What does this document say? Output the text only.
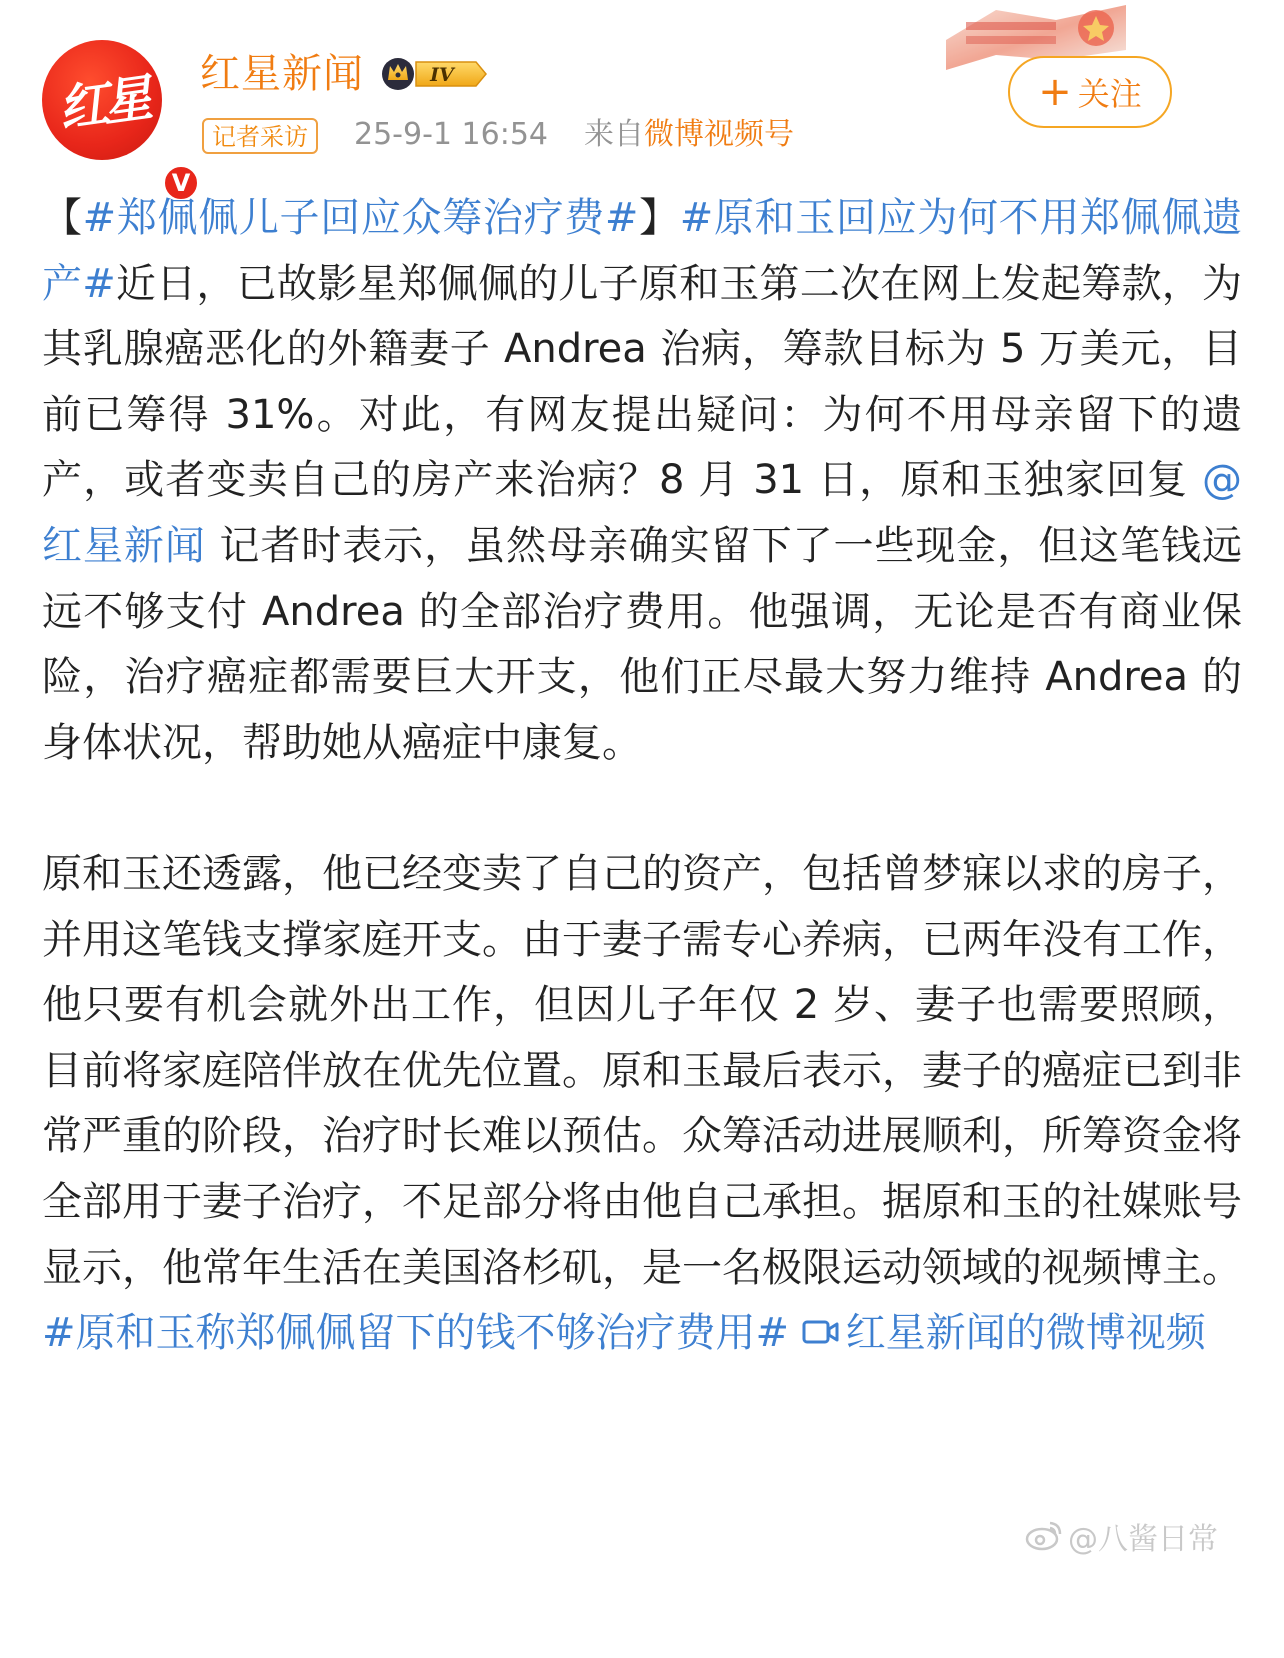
红星
V
红星新闻	IV
记者采访	25-9-1 16:54 来自微博视频号
+ 关注

【#郑佩佩儿子回应众筹治疗费#】#原和玉回应为何不用郑佩佩遗产#近日，已故影星郑佩佩的儿子原和玉第二次在网上发起筹款，为其乳腺癌恶化的外籍妻子 Andrea 治病，筹款目标为 5 万美元，目前已筹得 31%。对此，有网友提出疑问：为何不用母亲留下的遗产，或者变卖自己的房产来治病？8 月 31 日，原和玉独家回复 @红星新闻 记者时表示，虽然母亲确实留下了一些现金，但这笔钱远远不够支付 Andrea 的全部治疗费用。他强调，无论是否有商业保险，治疗癌症都需要巨大开支，他们正尽最大努力维持 Andrea 的身体状况，帮助她从癌症中康复。

原和玉还透露，他已经变卖了自己的资产，包括曾梦寐以求的房子，并用这笔钱支撑家庭开支。由于妻子需专心养病，已两年没有工作，他只要有机会就外出工作，但因儿子年仅 2 岁、妻子也需要照顾，目前将家庭陪伴放在优先位置。原和玉最后表示，妻子的癌症已到非常严重的阶段，治疗时长难以预估。众筹活动进展顺利，所筹资金将全部用于妻子治疗，不足部分将由他自己承担。据原和玉的社媒账号显示，他常年生活在美国洛杉矶，是一名极限运动领域的视频博主。#原和玉称郑佩佩留下的钱不够治疗费用# 红星新闻的微博视频

@八酱日常
